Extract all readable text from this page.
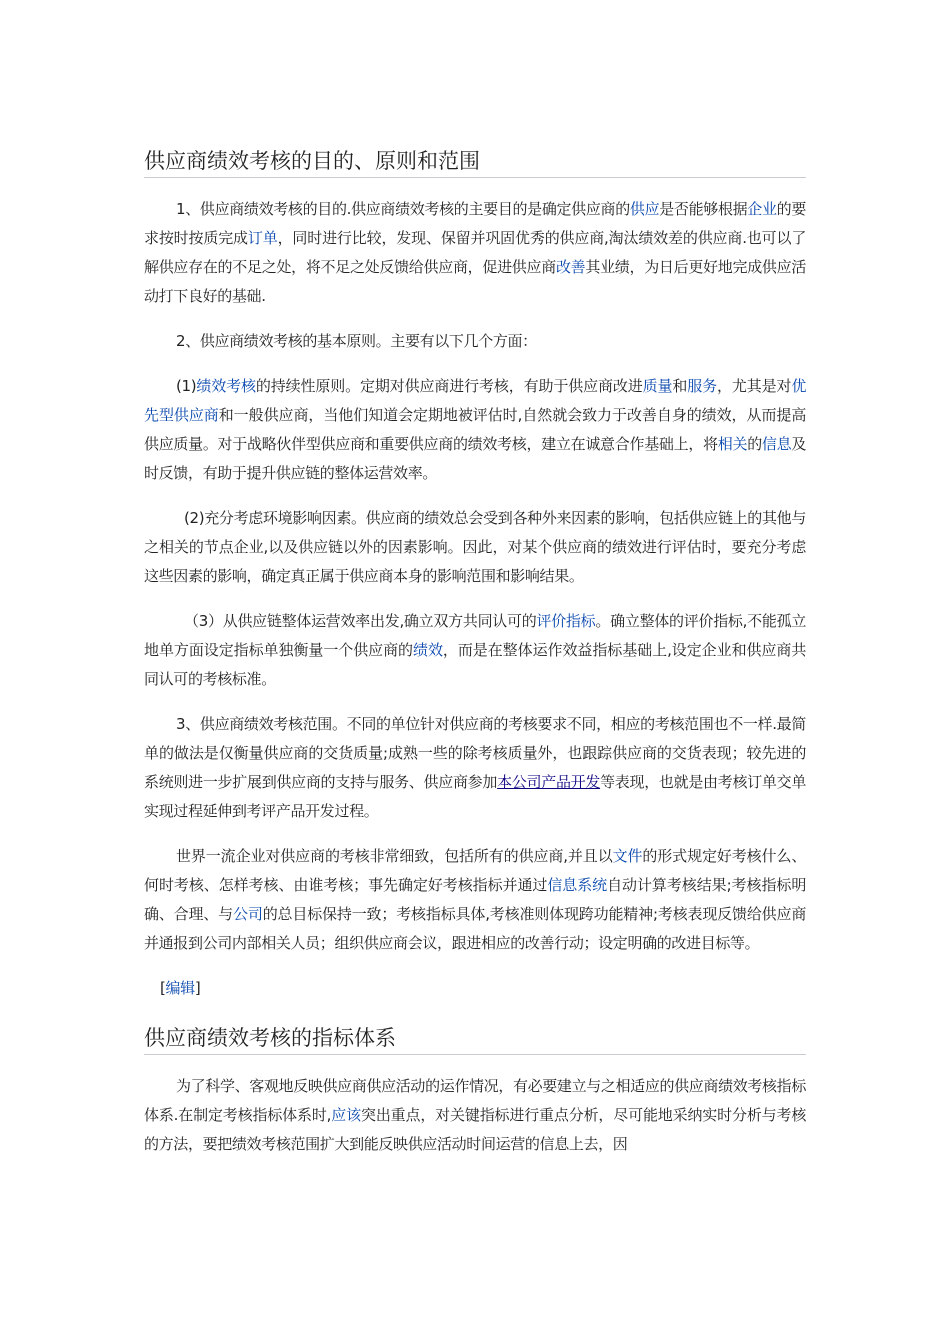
供应商绩效考核的目的、原则和范围

1、供应商绩效考核的目的.供应商绩效考核的主要目的是确定供应商的供应是否能够根据企业的要求按时按质完成订单，同时进行比较，发现、保留并巩固优秀的供应商,淘汰绩效差的供应商.也可以了解供应存在的不足之处，将不足之处反馈给供应商，促进供应商改善其业绩，为日后更好地完成供应活动打下良好的基础.

2、供应商绩效考核的基本原则。主要有以下几个方面：

(1)绩效考核的持续性原则。定期对供应商进行考核，有助于供应商改进质量和服务，尤其是对优先型供应商和一般供应商，当他们知道会定期地被评估时,自然就会致力于改善自身的绩效，从而提高供应质量。对于战略伙伴型供应商和重要供应商的绩效考核，建立在诚意合作基础上，将相关的信息及时反馈，有助于提升供应链的整体运营效率。

(2)充分考虑环境影响因素。供应商的绩效总会受到各种外来因素的影响，包括供应链上的其他与之相关的节点企业,以及供应链以外的因素影响。因此，对某个供应商的绩效进行评估时，要充分考虑这些因素的影响，确定真正属于供应商本身的影响范围和影响结果。

（3）从供应链整体运营效率出发,确立双方共同认可的评价指标。确立整体的评价指标,不能孤立地单方面设定指标单独衡量一个供应商的绩效，而是在整体运作效益指标基础上,设定企业和供应商共同认可的考核标准。

3、供应商绩效考核范围。不同的单位针对供应商的考核要求不同，相应的考核范围也不一样.最简单的做法是仅衡量供应商的交货质量;成熟一些的除考核质量外，也跟踪供应商的交货表现；较先进的系统则进一步扩展到供应商的支持与服务、供应商参加本公司产品开发等表现，也就是由考核订单交单实现过程延伸到考评产品开发过程。

世界一流企业对供应商的考核非常细致，包括所有的供应商,并且以文件的形式规定好考核什么、何时考核、怎样考核、由谁考核；事先确定好考核指标并通过信息系统自动计算考核结果;考核指标明确、合理、与公司的总目标保持一致；考核指标具体,考核准则体现跨功能精神;考核表现反馈给供应商并通报到公司内部相关人员；组织供应商会议，跟进相应的改善行动；设定明确的改进目标等。

[编辑]

供应商绩效考核的指标体系

为了科学、客观地反映供应商供应活动的运作情况，有必要建立与之相适应的供应商绩效考核指标体系.在制定考核指标体系时,应该突出重点，对关键指标进行重点分析，尽可能地采纳实时分析与考核的方法，要把绩效考核范围扩大到能反映供应活动时间运营的信息上去，因
